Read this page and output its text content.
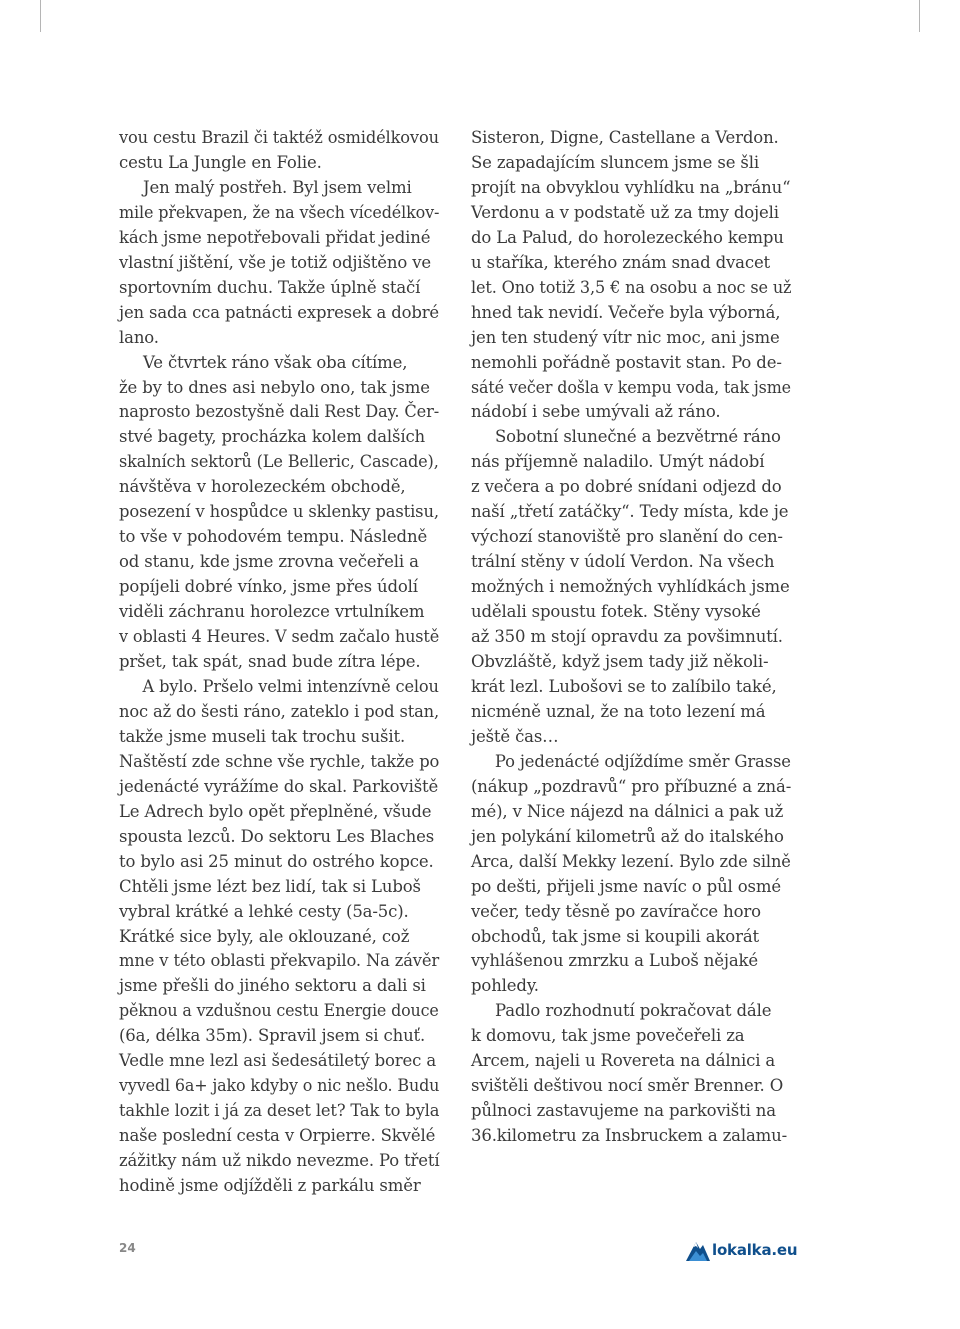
vou cestu Brazil či taktéž osmidélkovou
cestu La Jungle en Folie.
Jen malý postřeh. Byl jsem velmi
mile překvapen, že na všech vícedélkov-
kách jsme nepotřebovali přidat jediné
vlastní jištění, vše je totiž odjištěno ve
sportovním duchu. Takže úplně stačí
jen sada cca patnácti expresek a dobré
lano.
Ve čtvrtek ráno však oba cítíme,
že by to dnes asi nebylo ono, tak jsme
naprosto bezostyšně dali Rest Day. Čer-
stvé bagety, procházka kolem dalších
skalních sektorů (Le Belleric, Cascade),
návštěva v horolezeckém obchodě,
posezení v hospůdce u sklenky pastisu,
to vše v pohodovém tempu. Následně
od stanu, kde jsme zrovna večeřeli a
popíjeli dobré vínko, jsme přes údolí
viděli záchranu horolezce vrtulníkem
v oblasti 4 Heures. V sedm začalo hustě
pršet, tak spát, snad bude zítra lépe.
A bylo. Pršelo velmi intenzívně celou
noc až do šesti ráno, zateklo i pod stan,
takže jsme museli tak trochu sušit.
Naštěstí zde schne vše rychle, takže po
jedenácté vyrážíme do skal. Parkoviště
Le Adrech bylo opět přeplněné, všude
spousta lezců. Do sektoru Les Blaches
to bylo asi 25 minut do ostrého kopce.
Chtěli jsme lézt bez lidí, tak si Luboš
vybral krátké a lehké cesty (5a-5c).
Krátké sice byly, ale oklouzané, což
mne v této oblasti překvapilo. Na závěr
jsme přešli do jiného sektoru a dali si
pěknou a vzdušnou cestu Energie douce
(6a, délka 35m). Spravil jsem si chuť.
Vedle mne lezl asi šedesátiletý borec a
vyvedl 6a+ jako kdyby o nic nešlo. Budu
takhle lozit i já za deset let? Tak to byla
naše poslední cesta v Orpierre. Skvělé
zážitky nám už nikdo nevezme. Po třetí
hodině jsme odjížděli z parkálu směr
Sisteron, Digne, Castellane a Verdon.
Se zapadajícím sluncem jsme se šli
projít na obvyklou vyhlídku na „bránu“
Verdonu a v podstatě už za tmy dojeli
do La Palud, do horolezeckého kempu
u staříka, kterého znám snad dvacet
let. Ono totiž 3,5 € na osobu a noc se už
hned tak nevidí. Večeře byla výborná,
jen ten studený vítr nic moc, ani jsme
nemohli pořádně postavit stan. Po de-
sáté večer došla v kempu voda, tak jsme
nádobí i sebe umývali až ráno.
Sobotní slunečné a bezvětrné ráno
nás příjemně naladilo. Umýt nádobí
z večera a po dobré snídani odjezd do
naší „třetí zatáčky“. Tedy místa, kde je
výchozí stanoviště pro slanění do cen-
trální stěny v údolí Verdon. Na všech
možných i nemožných vyhlídkách jsme
udělali spoustu fotek. Stěny vysoké
až 350 m stojí opravdu za povšimnutí.
Obvzláště, když jsem tady již několi-
krát lezl. Lubošovi se to zalíbilo také,
nicméně uznal, že na toto lezení má
ještě čas…
Po jedenácté odjíždíme směr Grasse
(nákup „pozdravů“ pro příbuzné a zná-
mé), v Nice nájezd na dálnici a pak už
jen polykání kilometrů až do italského
Arca, další Mekky lezení. Bylo zde silně
po dešti, přijeli jsme navíc o půl osmé
večer, tedy těsně po zavíračce horo
obchodů, tak jsme si koupili akorát
vyhlášenou zmrzku a Luboš nějaké
pohledy.
Padlo rozhodnutí pokračovat dále
k domovu, tak jsme povečeřeli za
Arcem, najeli u Rovereta na dálnici a
svištěli deštivou nocí směr Brenner. O
půlnoci zastavujeme na parkovišti na
36.kilometru za Insbruckem a zalamu-
24	lokalka.eu
